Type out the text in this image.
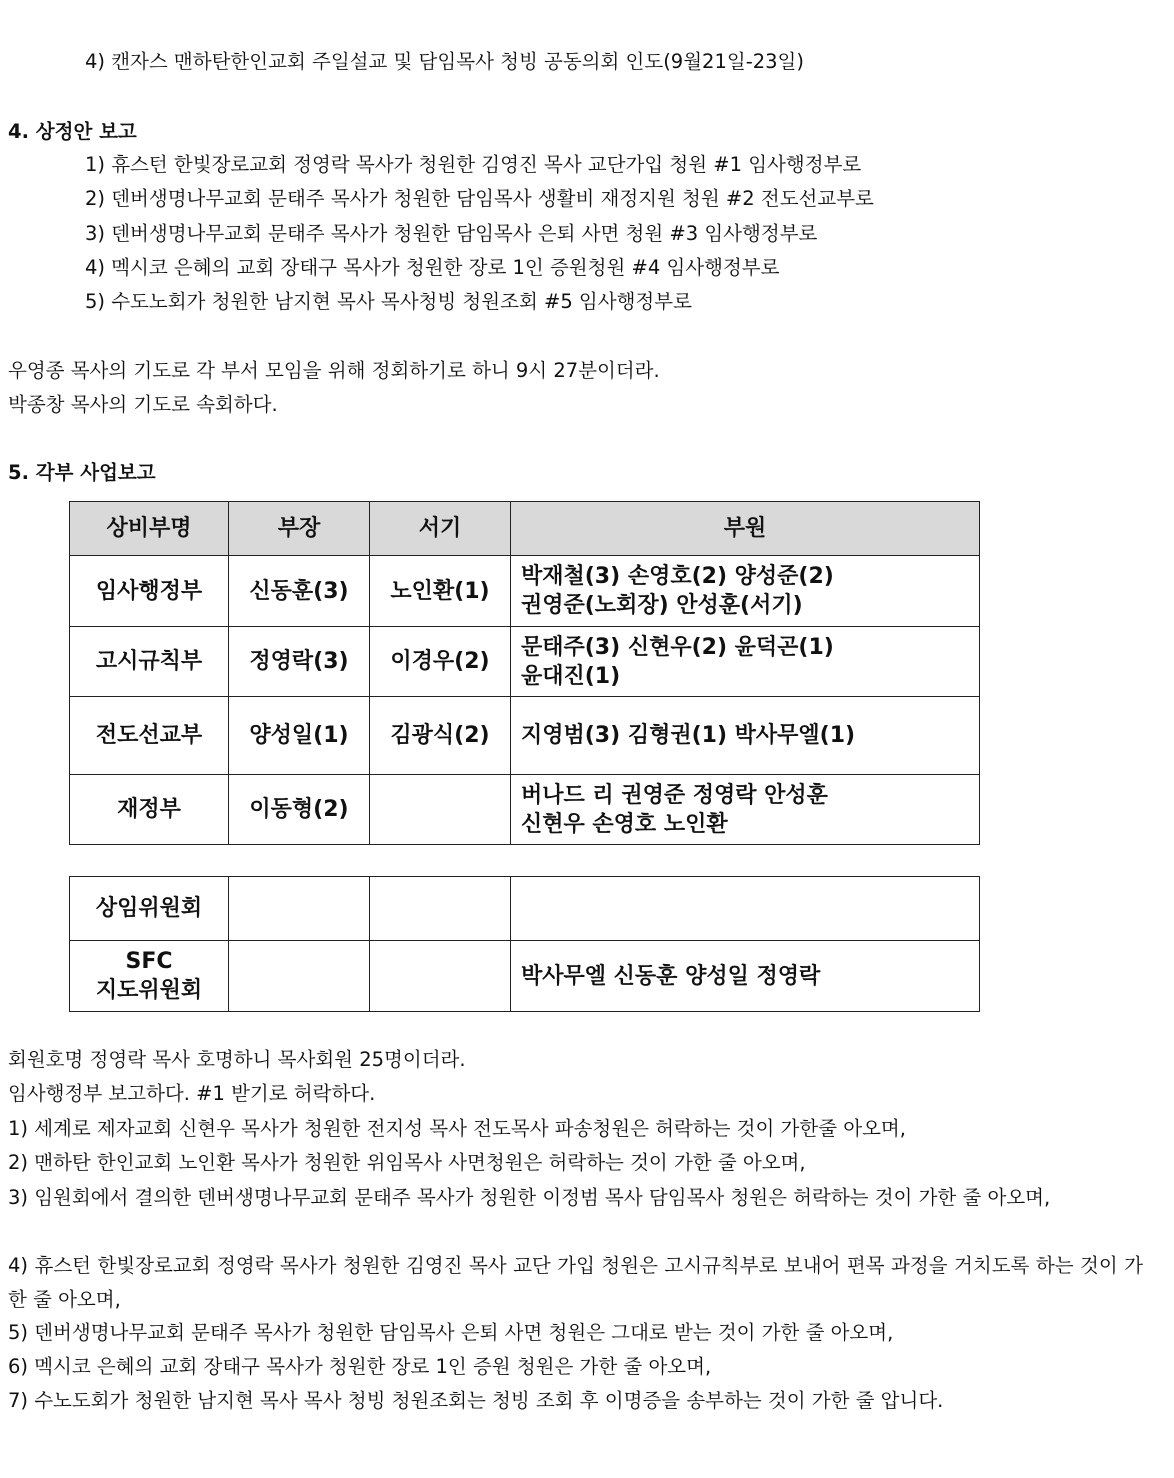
4) 캔자스 맨하탄한인교회 주일설교 및 담임목사 청빙 공동의회 인도(9월21일-23일)
4. 상정안 보고
1) 휴스턴 한빛장로교회 정영락 목사가 청원한 김영진 목사 교단가입 청원 #1 임사행정부로
2) 덴버생명나무교회 문태주 목사가 청원한 담임목사 생활비 재정지원 청원 #2 전도선교부로
3) 덴버생명나무교회 문태주 목사가 청원한 담임목사 은퇴 사면 청원 #3 임사행정부로
4) 멕시코 은혜의 교회 장태구 목사가 청원한 장로 1인 증원청원 #4 임사행정부로
5) 수도노회가 청원한 남지현 목사 목사청빙 청원조회 #5 임사행정부로
우영종 목사의 기도로 각 부서 모임을 위해 정회하기로 하니 9시 27분이더라.
박종창 목사의 기도로 속회하다.
5. 각부 사업보고
상비부명	부장	서기	부원
임사행정부	신동훈(3)	노인환(1)	박재철(3) 손영호(2) 양성준(2)
권영준(노회장) 안성훈(서기)

고시규칙부	정영락(3)	이경우(2)	문태주(3) 신현우(2) 윤덕곤(1)
윤대진(1)

전도선교부	양성일(1)	김광식(2)	지영범(3) 김형권(1) 박사무엘(1)
재정부	이동형(2)		버나드 리 권영준 정영락 안성훈
신현우 손영호 노인환
상임위원회			

SFC
지도위원회			박사무엘 신동훈 양성일 정영락
회원호명 정영락 목사 호명하니 목사회원 25명이더라.
임사행정부 보고하다. #1 받기로 허락하다.
1) 세계로 제자교회 신현우 목사가 청원한 전지성 목사 전도목사 파송청원은 허락하는 것이 가한줄 아오며,
2) 맨하탄 한인교회 노인환 목사가 청원한 위임목사 사면청원은 허락하는 것이 가한 줄 아오며,
3) 임원회에서 결의한 덴버생명나무교회 문태주 목사가 청원한 이정범 목사 담임목사 청원은 허락하는 것이 가한 줄 아오며,
4) 휴스턴 한빛장로교회 정영락 목사가 청원한 김영진 목사 교단 가입 청원은 고시규칙부로 보내어 편목 과정을 거치도록 하는 것이 가한 줄 아오며,
5) 덴버생명나무교회 문태주 목사가 청원한 담임목사 은퇴 사면 청원은 그대로 받는 것이 가한 줄 아오며,
6) 멕시코 은혜의 교회 장태구 목사가 청원한 장로 1인 증원 청원은 가한 줄 아오며,
7) 수노도회가 청원한 남지현 목사 목사 청빙 청원조회는 청빙 조회 후 이명증을 송부하는 것이 가한 줄 압니다.
